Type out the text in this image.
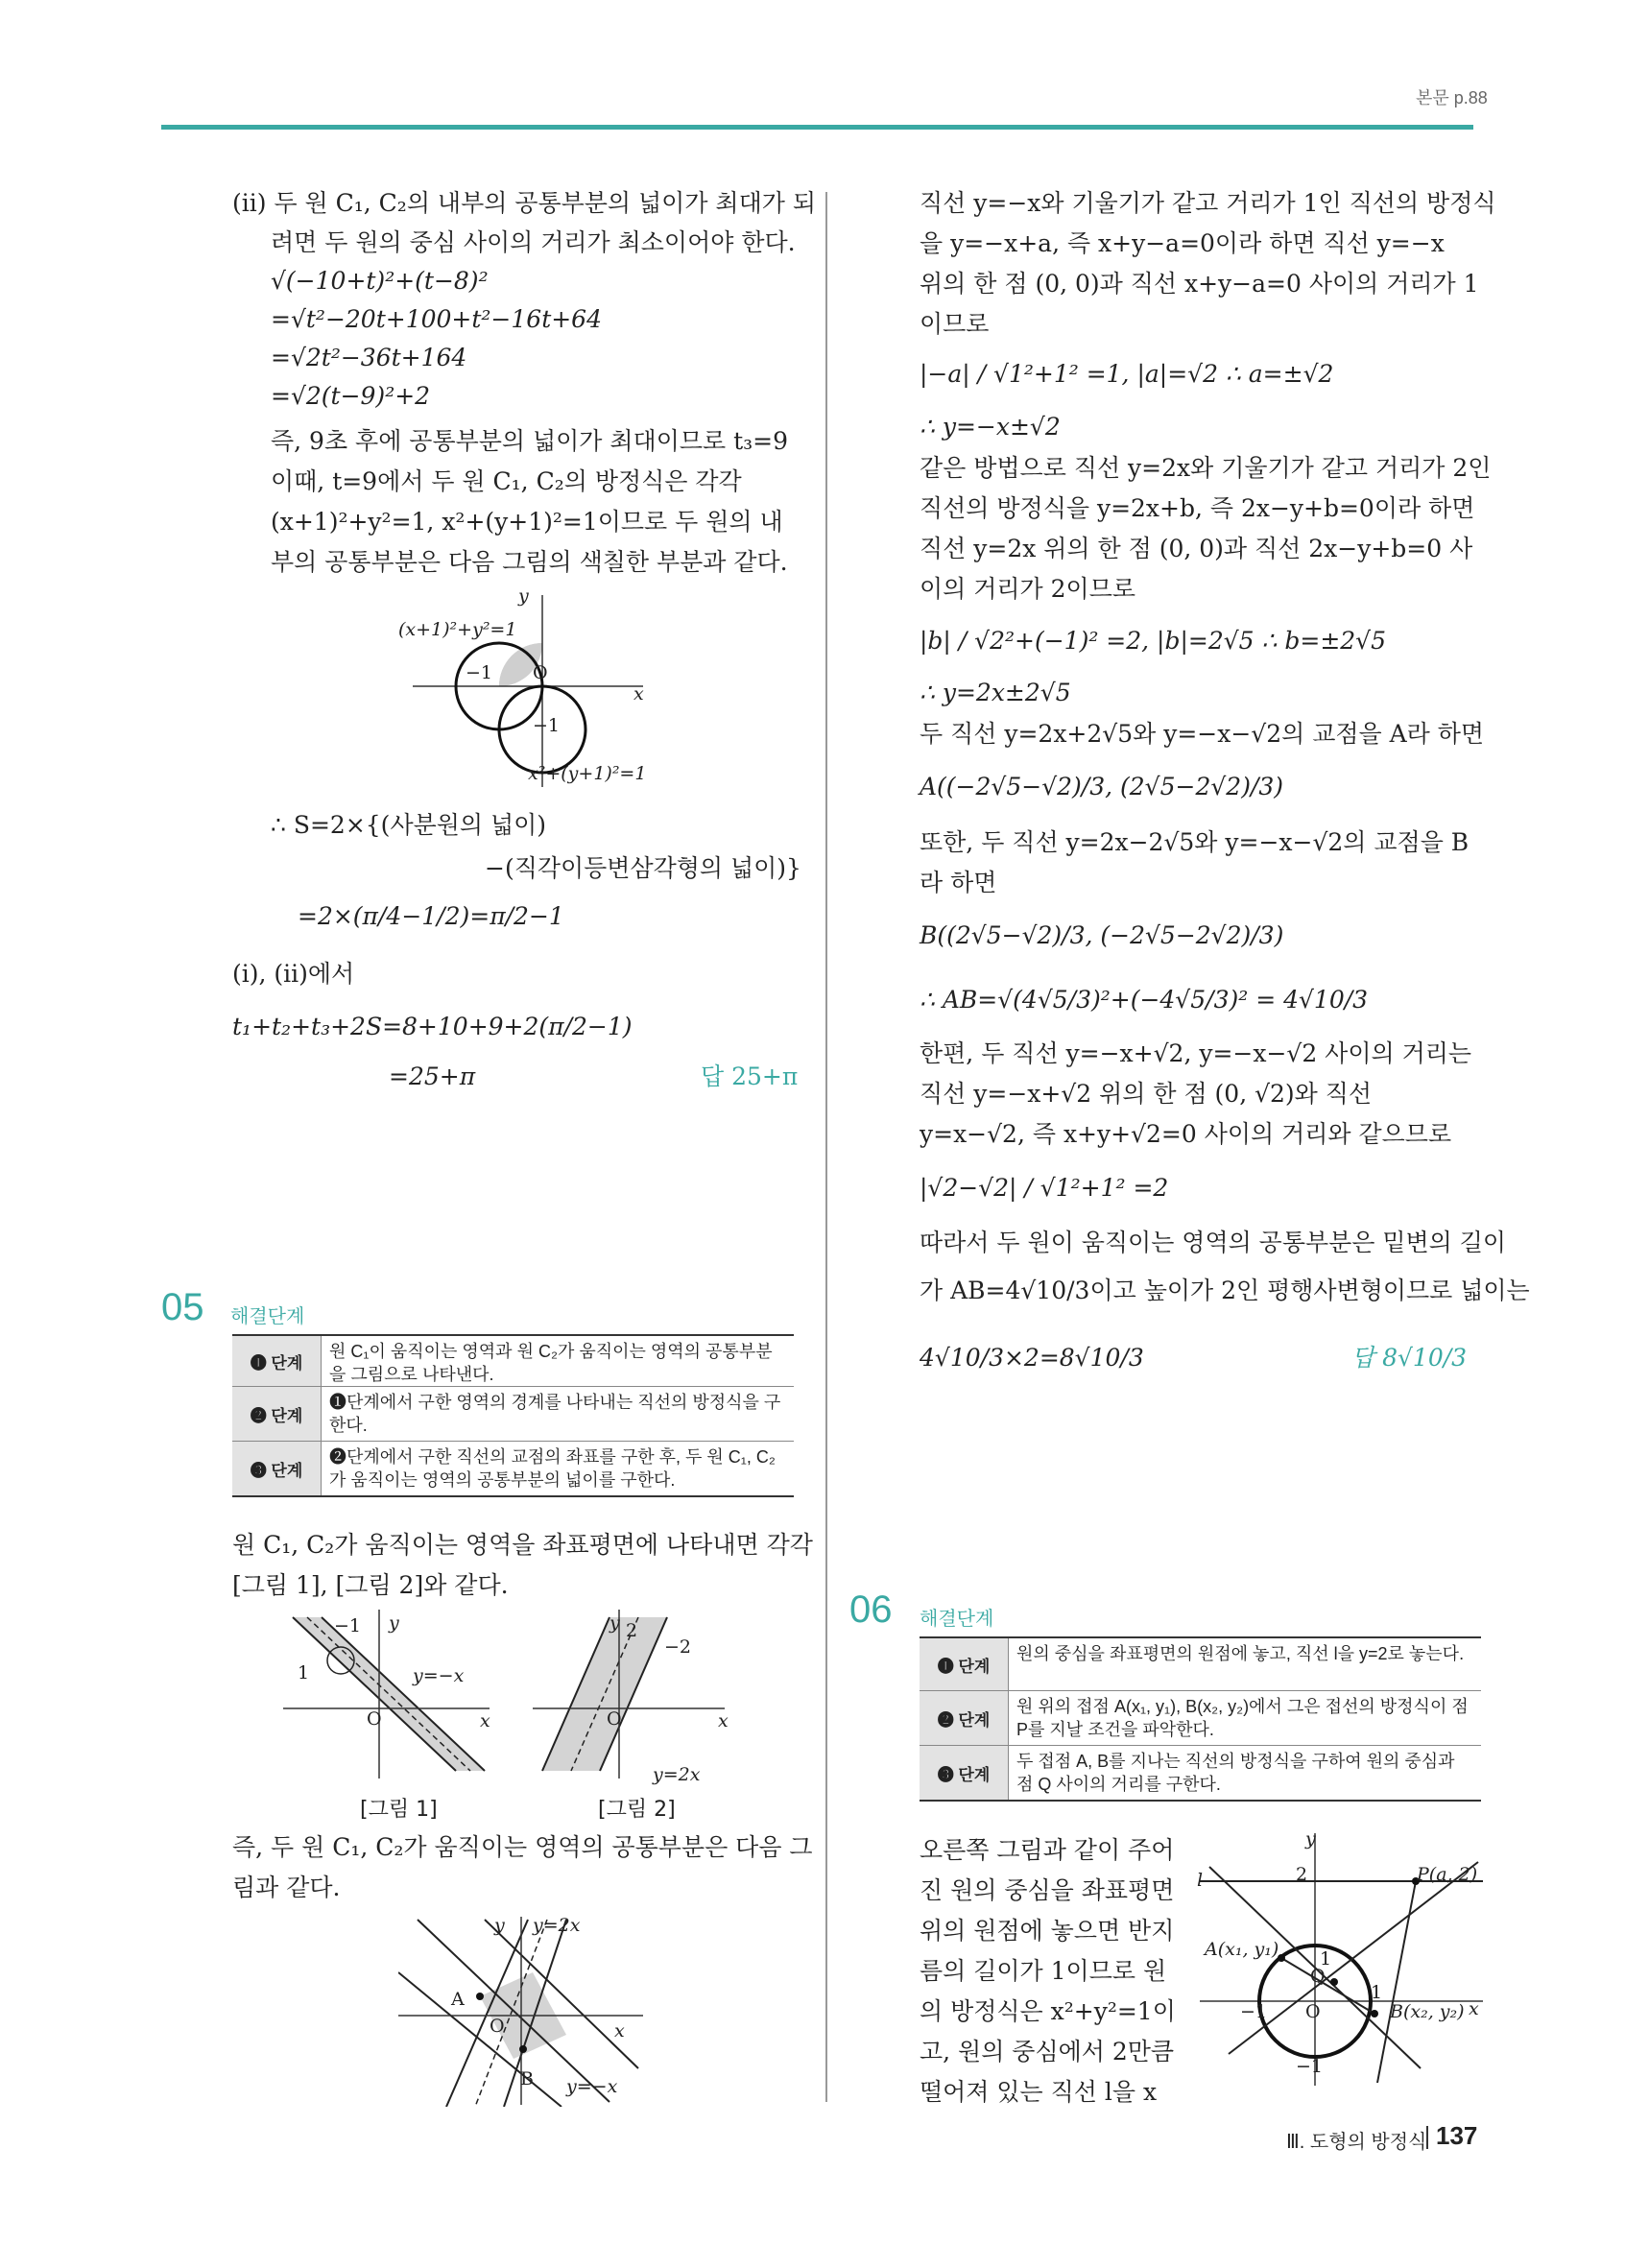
본문 p.88
(ⅱ) 두 원 C₁, C₂의 내부의 공통부분의 넓이가 최대가 되
려면 두 원의 중심 사이의 거리가 최소이어야 한다.
√(−10+t)²+(t−8)²
=√t²−20t+100+t²−16t+64
=√2t²−36t+164
=√2(t−9)²+2
즉, 9초 후에 공통부분의 넓이가 최대이므로 t₃=9
이때, t=9에서 두 원 C₁, C₂의 방정식은 각각
(x+1)²+y²=1, x²+(y+1)²=1이므로 두 원의 내
부의 공통부분은 다음 그림의 색칠한 부분과 같다.
(x+1)²+y²=1
x²+(y+1)²=1
y
x
O
−1
−1
∴ S=2×{(사분원의 넓이)
−(직각이등변삼각형의 넓이)}
=2×(π/4−1/2)=π/2−1
(ⅰ), (ⅱ)에서
t₁+t₂+t₃+2S=8+10+9+2(π/2−1)
=25+π	답 25+π
05 해결단계
❶ 단계
원 C₁이 움직이는 영역과 원 C₂가 움직이는 영역의 공통부분을 그림으로 나타낸다.
❷ 단계
❶단계에서 구한 영역의 경계를 나타내는 직선의 방정식을 구한다.
❸ 단계
❷단계에서 구한 직선의 교점의 좌표를 구한 후, 두 원 C₁, C₂가 움직이는 영역의 공통부분의 넓이를 구한다.
원 C₁, C₂가 움직이는 영역을 좌표평면에 나타내면 각각
[그림 1], [그림 2]와 같다.
y=−x
1
−1
x
y
O
[그림 1]
y=2x
2
−2
x
y
O
[그림 2]
즉, 두 원 C₁, C₂가 움직이는 영역의 공통부분은 다음 그
림과 같다.
y=2x
y=−x
A
B
O	x
y
직선 y=−x와 기울기가 같고 거리가 1인 직선의 방정식
을 y=−x+a, 즉 x+y−a=0이라 하면 직선 y=−x
위의 한 점 (0, 0)과 직선 x+y−a=0 사이의 거리가 1
이므로
|−a| / √1²+1² =1, |a|=√2 ∴ a=±√2
∴ y=−x±√2
같은 방법으로 직선 y=2x와 기울기가 같고 거리가 2인
직선의 방정식을 y=2x+b, 즉 2x−y+b=0이라 하면
직선 y=2x 위의 한 점 (0, 0)과 직선 2x−y+b=0 사
이의 거리가 2이므로
|b| / √2²+(−1)² =2, |b|=2√5 ∴ b=±2√5
∴ y=2x±2√5
두 직선 y=2x+2√5와 y=−x−√2의 교점을 A라 하면
A((−2√5−√2)/3, (2√5−2√2)/3)
또한, 두 직선 y=2x−2√5와 y=−x−√2의 교점을 B
라 하면
B((2√5−√2)/3, (−2√5−2√2)/3)
∴ AB=√(4√5/3)²+(−4√5/3)² = 4√10/3
한편, 두 직선 y=−x+√2, y=−x−√2 사이의 거리는
직선 y=−x+√2 위의 한 점 (0, √2)와 직선
y=x−√2, 즉 x+y+√2=0 사이의 거리와 같으므로
|√2−√2| / √1²+1² =2
따라서 두 원이 움직이는 영역의 공통부분은 밑변의 길이
가 AB=4√10/3이고 높이가 2인 평행사변형이므로 넓이는
4√10/3×2=8√10/3	답 8√10/3
06 해결단계
❶ 단계
원의 중심을 좌표평면의 원점에 놓고, 직선 l을 y=2로 놓는다.
❷ 단계
원 위의 접점 A(x₁, y₁), B(x₂, y₂)에서 그은 접선의 방정식이 점 P를 지날 조건을 파악한다.
❸ 단계
두 접점 A, B를 지나는 직선의 방정식을 구하여 원의 중심과 점 Q 사이의 거리를 구한다.
오른쪽 그림과 같이 주어
진 원의 중심을 좌표평면
위의 원점에 놓으면 반지
름의 길이가 1이므로 원
의 방정식은 x²+y²=1이
고, 원의 중심에서 2만큼
떨어져 있는 직선 l을 x
P(a, 2)
A(x₁, y₁)
B(x₂, y₂)
Q
l	2
1
1
−1
−1
O	x
y
Ⅲ. 도형의 방정식 137
